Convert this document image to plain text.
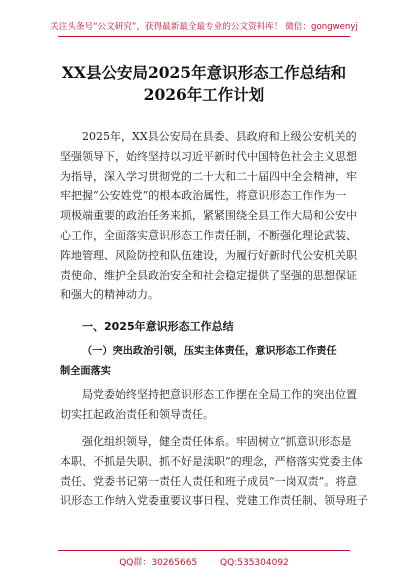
关注头条号“公文研究”，获得最新最全最专业的公文资料库！ 微信：gongwenyj
XX县公安局2025年意识形态工作总结和
2026年工作计划
2025年，XX县公安局在县委、县政府和上级公安机关的
坚强领导下，始终坚持以习近平新时代中国特色社会主义思想
为指导，深入学习贯彻党的二十大和二十届四中全会精神，牢
牢把握“公安姓党”的根本政治属性，将意识形态工作作为一
项极端重要的政治任务来抓，紧紧围绕全县工作大局和公安中
心工作，全面落实意识形态工作责任制，不断强化理论武装、
阵地管理、风险防控和队伍建设，为履行好新时代公安机关职
责使命、维护全县政治安全和社会稳定提供了坚强的思想保证
和强大的精神动力。
一、2025年意识形态工作总结
（一）突出政治引领，压实主体责任，意识形态工作责任
制全面落实
局党委始终坚持把意识形态工作摆在全局工作的突出位置
切实扛起政治责任和领导责任。
强化组织领导，健全责任体系。牢固树立“抓意识形态是
本职、不抓是失职、抓不好是渎职”的理念，严格落实党委主体
责任、党委书记第一责任人责任和班子成员“一岗双责”。将意
识形态工作纳入党委重要议事日程、党建工作责任制、领导班子
QQ群：30265665	QQ:535304092
